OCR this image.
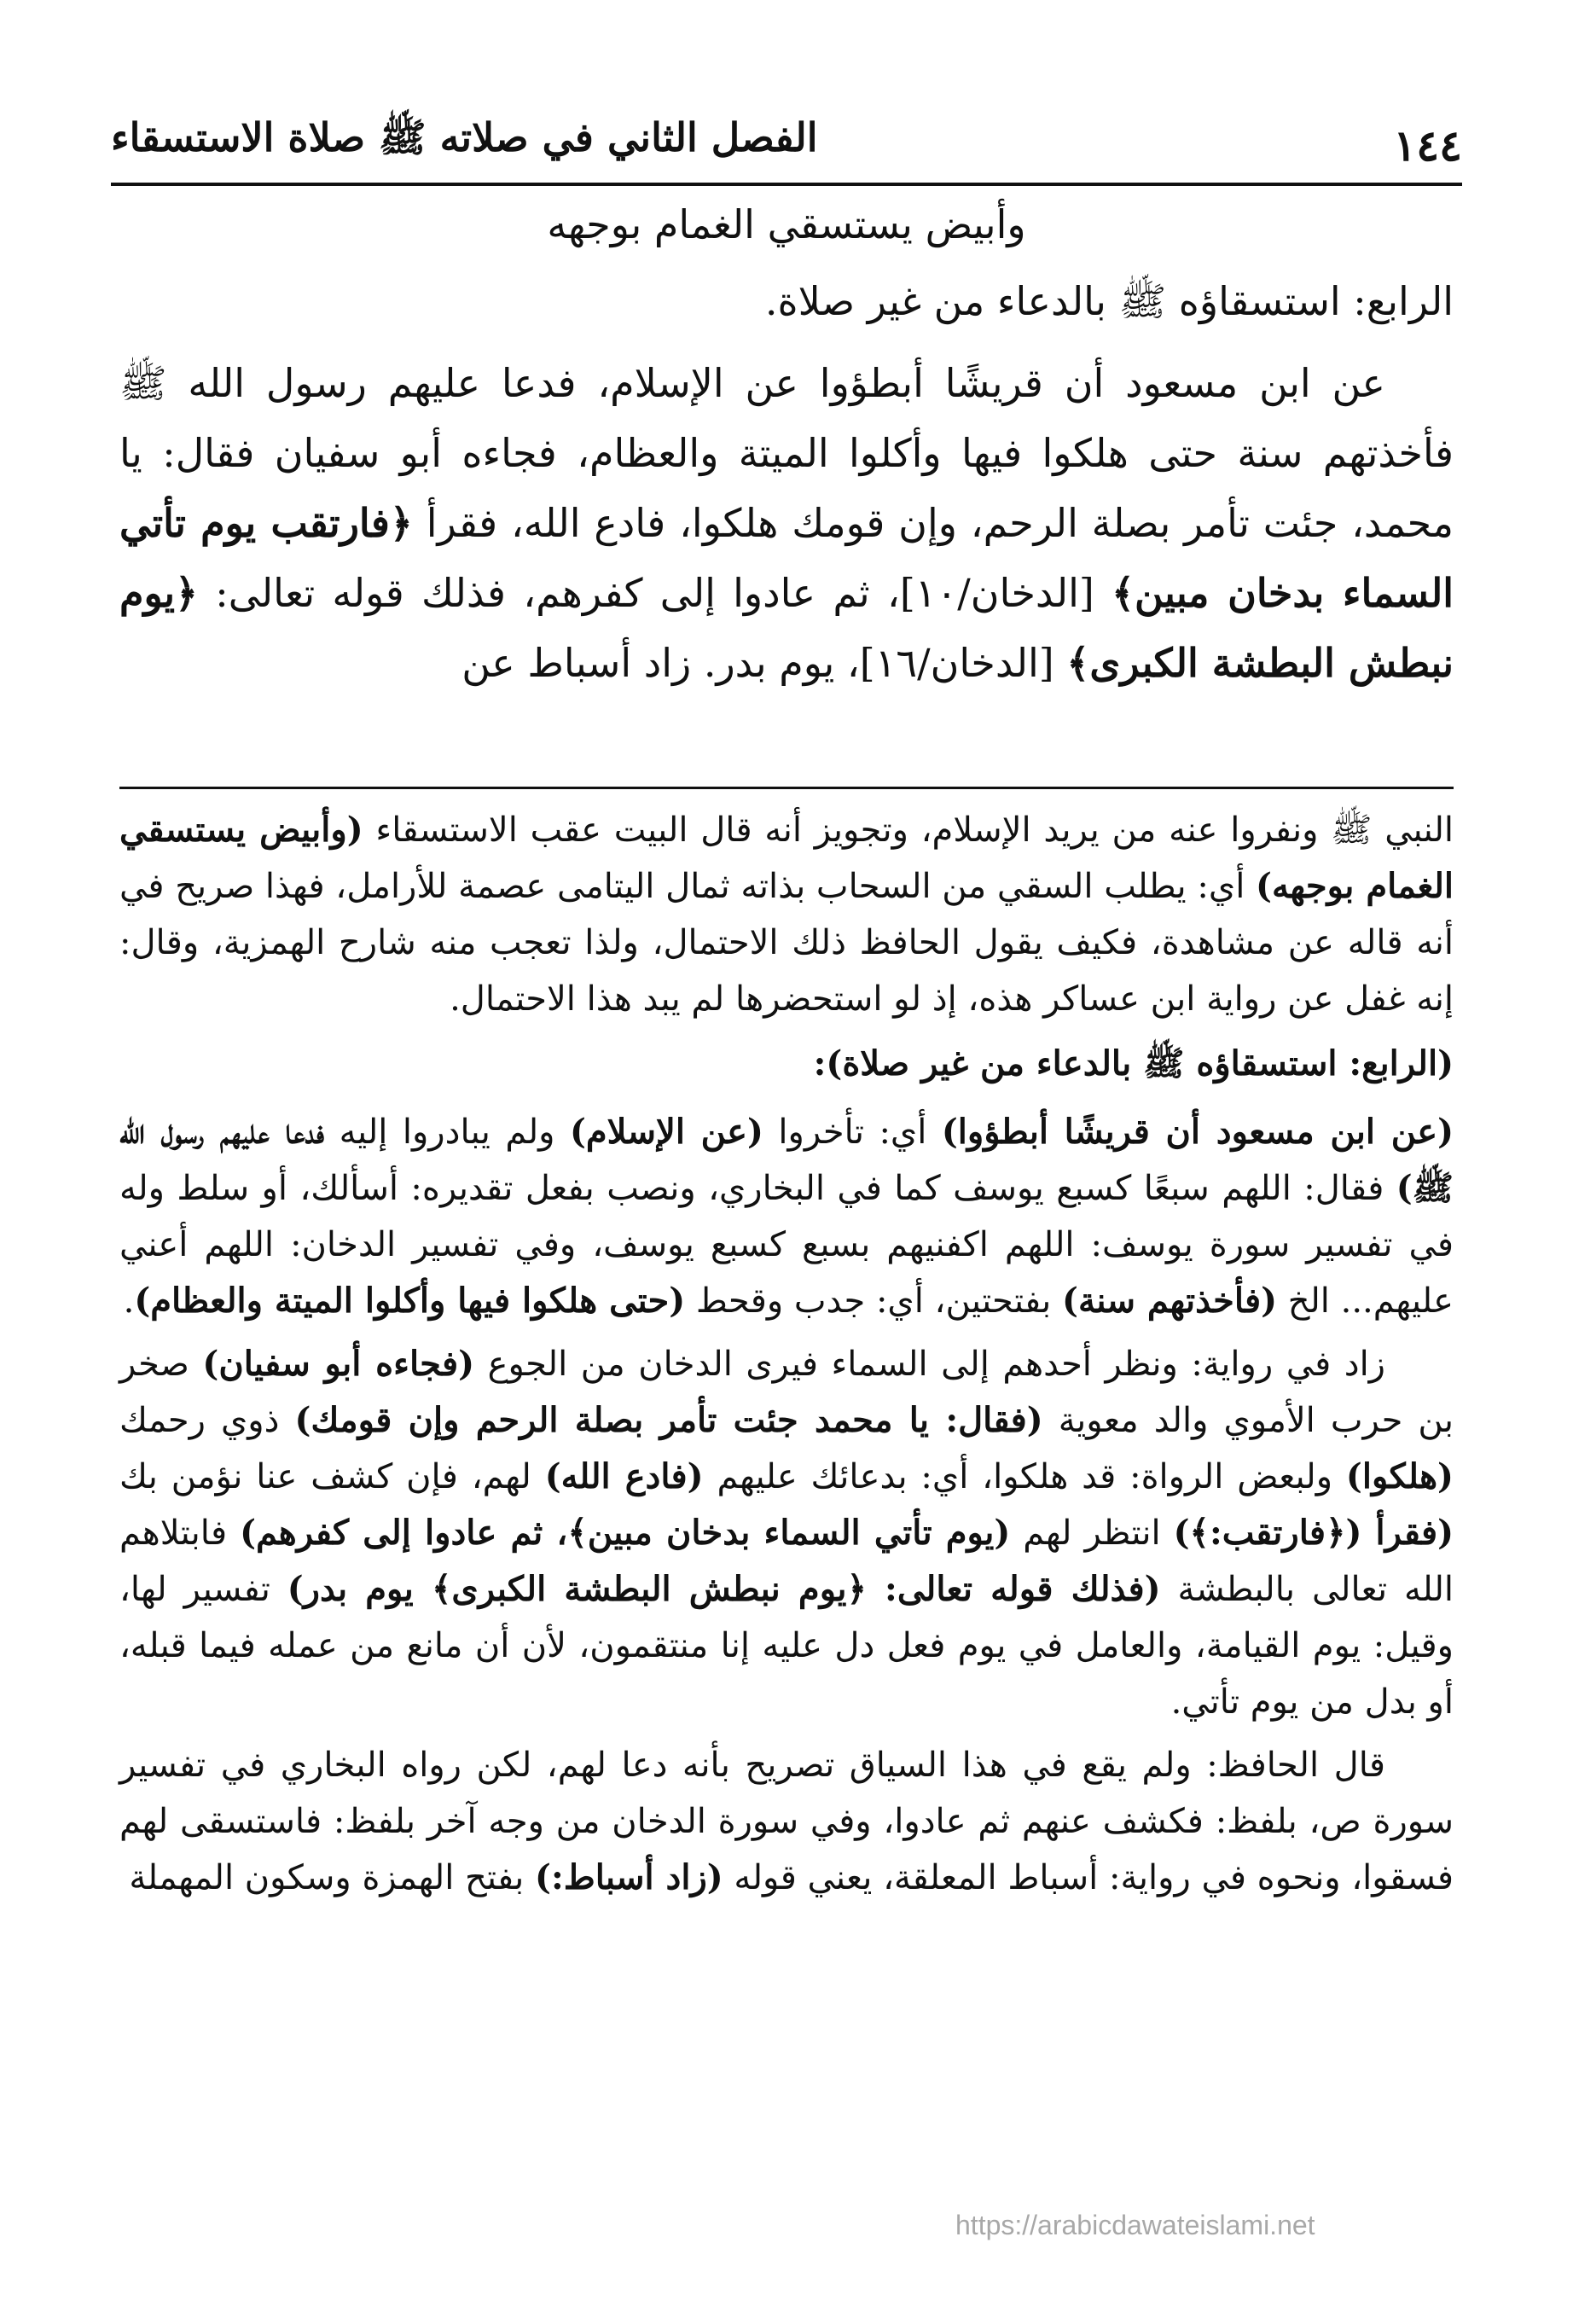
١٤٤
الفصل الثاني في صلاته ﷺ صلاة الاستسقاء
وأبيض يستسقي الغمام بوجهه

الرابع: استسقاؤه ﷺ بالدعاء من غير صلاة.

عن ابن مسعود أن قريشًا أبطؤوا عن الإسلام، فدعا عليهم رسول الله ﷺ فأخذتهم سنة حتى هلكوا فيها وأكلوا الميتة والعظام، فجاءه أبو سفيان فقال: يا محمد، جئت تأمر بصلة الرحم، وإن قومك هلكوا، فادع الله، فقرأ ﴿فارتقب يوم تأتي السماء بدخان مبين﴾ [الدخان/١٠]، ثم عادوا إلى كفرهم، فذلك قوله تعالى: ﴿يوم نبطش البطشة الكبرى﴾ [الدخان/١٦]، يوم بدر. زاد أسباط عن

النبي ﷺ ونفروا عنه من يريد الإسلام، وتجويز أنه قال البيت عقب الاستسقاء (وأبيض يستسقي الغمام بوجهه) أي: يطلب السقي من السحاب بذاته ثمال اليتامى عصمة للأرامل، فهذا صريح في أنه قاله عن مشاهدة، فكيف يقول الحافظ ذلك الاحتمال، ولذا تعجب منه شارح الهمزية، وقال: إنه غفل عن رواية ابن عساكر هذه، إذ لو استحضرها لم يبد هذا الاحتمال.

(الرابع: استسقاؤه ﷺ بالدعاء من غير صلاة):

(عن ابن مسعود أن قريشًا أبطؤوا) أي: تأخروا (عن الإسلام) ولم يبادروا إليه فدعا عليهم رسول الله ﷺ) فقال: اللهم سبعًا كسبع يوسف كما في البخاري، ونصب بفعل تقديره: أسألك، أو سلط وله في تفسير سورة يوسف: اللهم اكفنيهم بسبع كسبع يوسف، وفي تفسير الدخان: اللهم أعني عليهم... الخ (فأخذتهم سنة) بفتحتين، أي: جدب وقحط (حتى هلكوا فيها وأكلوا الميتة والعظام).

زاد في رواية: ونظر أحدهم إلى السماء فيرى الدخان من الجوع (فجاءه أبو سفيان) صخر بن حرب الأموي والد معوية (فقال: يا محمد جئت تأمر بصلة الرحم وإن قومك) ذوي رحمك (هلكوا) ولبعض الرواة: قد هلكوا، أي: بدعائك عليهم (فادع الله) لهم، فإن كشف عنا نؤمن بك (فقرأ (﴿فارتقب:﴾) انتظر لهم (يوم تأتي السماء بدخان مبين﴾، ثم عادوا إلى كفرهم) فابتلاهم الله تعالى بالبطشة (فذلك قوله تعالى: ﴿يوم نبطش البطشة الكبرى﴾ يوم بدر) تفسير لها، وقيل: يوم القيامة، والعامل في يوم فعل دل عليه إنا منتقمون، لأن أن مانع من عمله فيما قبله، أو بدل من يوم تأتي.

قال الحافظ: ولم يقع في هذا السياق تصريح بأنه دعا لهم، لكن رواه البخاري في تفسير سورة ص، بلفظ: فكشف عنهم ثم عادوا، وفي سورة الدخان من وجه آخر بلفظ: فاستسقى لهم فسقوا، ونحوه في رواية: أسباط المعلقة، يعني قوله (زاد أسباط:) بفتح الهمزة وسكون المهملة

https://arabicdawateislami.net
